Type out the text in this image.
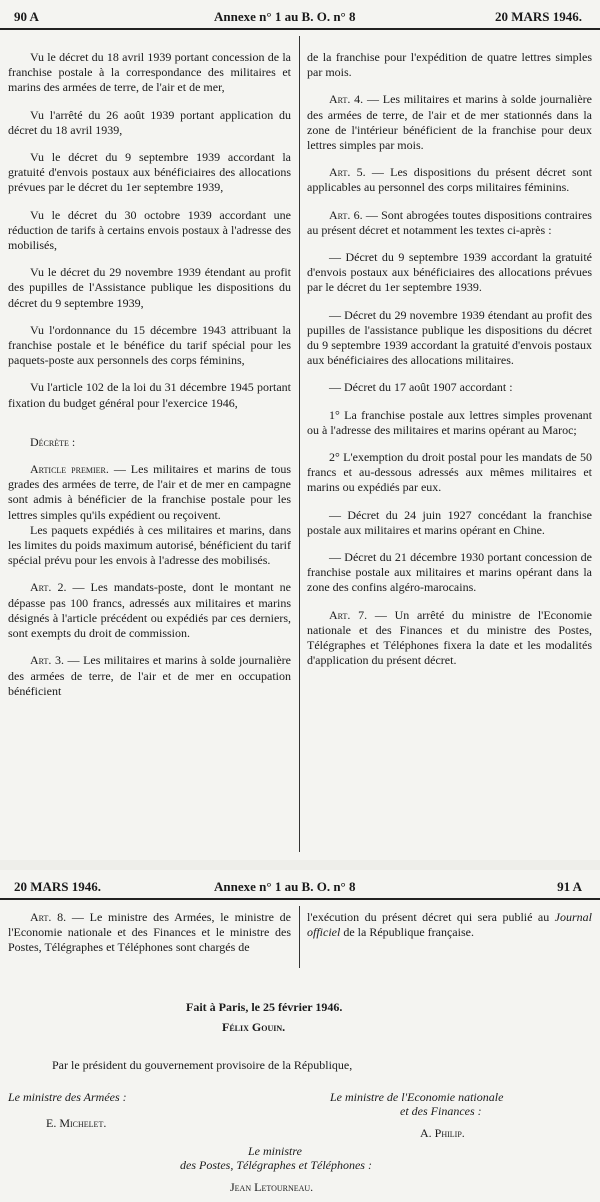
90 A	Annexe n° 1 au B. O. n° 8	20 MARS 1946.

Vu le décret du 18 avril 1939 portant concession de la franchise postale à la correspondance des militaires et marins des armées de terre, de l'air et de mer,

Vu l'arrêté du 26 août 1939 portant application du décret du 18 avril 1939,

Vu le décret du 9 septembre 1939 accordant la gratuité d'envois postaux aux bénéficiaires des allocations prévues par le décret du 1er septembre 1939,

Vu le décret du 30 octobre 1939 accordant une réduction de tarifs à certains envois postaux à l'adresse des mobilisés,

Vu le décret du 29 novembre 1939 étendant au profit des pupilles de l'Assistance publique les dispositions du décret du 9 septembre 1939,

Vu l'ordonnance du 15 décembre 1943 attribuant la franchise postale et le bénéfice du tarif spécial pour les paquets-poste aux personnels des corps féminins,

Vu l'article 102 de la loi du 31 décembre 1945 portant fixation du budget général pour l'exercice 1946,

Décrète :

Article premier. — Les militaires et marins de tous grades des armées de terre, de l'air et de mer en campagne sont admis à bénéficier de la franchise postale pour les lettres simples qu'ils expédient ou reçoivent.

Les paquets expédiés à ces militaires et marins, dans les limites du poids maximum autorisé, bénéficient du tarif spécial prévu pour les envois à l'adresse des mobilisés.

Art. 2. — Les mandats-poste, dont le montant ne dépasse pas 100 francs, adressés aux militaires et marins désignés à l'article précédent ou expédiés par ces derniers, sont exempts du droit de commission.

Art. 3. — Les militaires et marins à solde journalière des armées de terre, de l'air et de mer en occupation bénéficient

de la franchise pour l'expédition de quatre lettres simples par mois.

Art. 4. — Les militaires et marins à solde journalière des armées de terre, de l'air et de mer stationnés dans la zone de l'intérieur bénéficient de la franchise pour deux lettres simples par mois.

Art. 5. — Les dispositions du présent décret sont applicables au personnel des corps militaires féminins.

Art. 6. — Sont abrogées toutes dispositions contraires au présent décret et notamment les textes ci-après :

— Décret du 9 septembre 1939 accordant la gratuité d'envois postaux aux bénéficiaires des allocations prévues par le décret du 1er septembre 1939.

— Décret du 29 novembre 1939 étendant au profit des pupilles de l'assistance publique les dispositions du décret du 9 septembre 1939 accordant la gratuité d'envois postaux aux bénéficiaires des allocations militaires.

— Décret du 17 août 1907 accordant :

1° La franchise postale aux lettres simples provenant ou à l'adresse des militaires et marins opérant au Maroc;

2° L'exemption du droit postal pour les mandats de 50 francs et au-dessous adressés aux mêmes militaires et marins ou expédiés par eux.

— Décret du 24 juin 1927 concédant la franchise postale aux militaires et marins opérant en Chine.

— Décret du 21 décembre 1930 portant concession de franchise postale aux militaires et marins opérant dans la zone des confins algéro-marocains.

Art. 7. — Un arrêté du ministre de l'Economie nationale et des Finances et du ministre des Postes, Télégraphes et Téléphones fixera la date et les modalités d'application du présent décret.

20 MARS 1946.	Annexe n° 1 au B. O. n° 8	91 A

Art. 8. — Le ministre des Armées, le ministre de l'Economie nationale et des Finances et le ministre des Postes, Télégraphes et Téléphones sont chargés de

l'exécution du présent décret qui sera publié au Journal officiel de la République française.

Fait à Paris, le 25 février 1946.
Félix Gouin.
Par le président du gouvernement provisoire de la République,
Le ministre des Armées :
E. Michelet.
Le ministre de l'Economie nationale
et des Finances :
A. Philip.
Le ministre
des Postes, Télégraphes et Téléphones :
Jean Letourneau.
